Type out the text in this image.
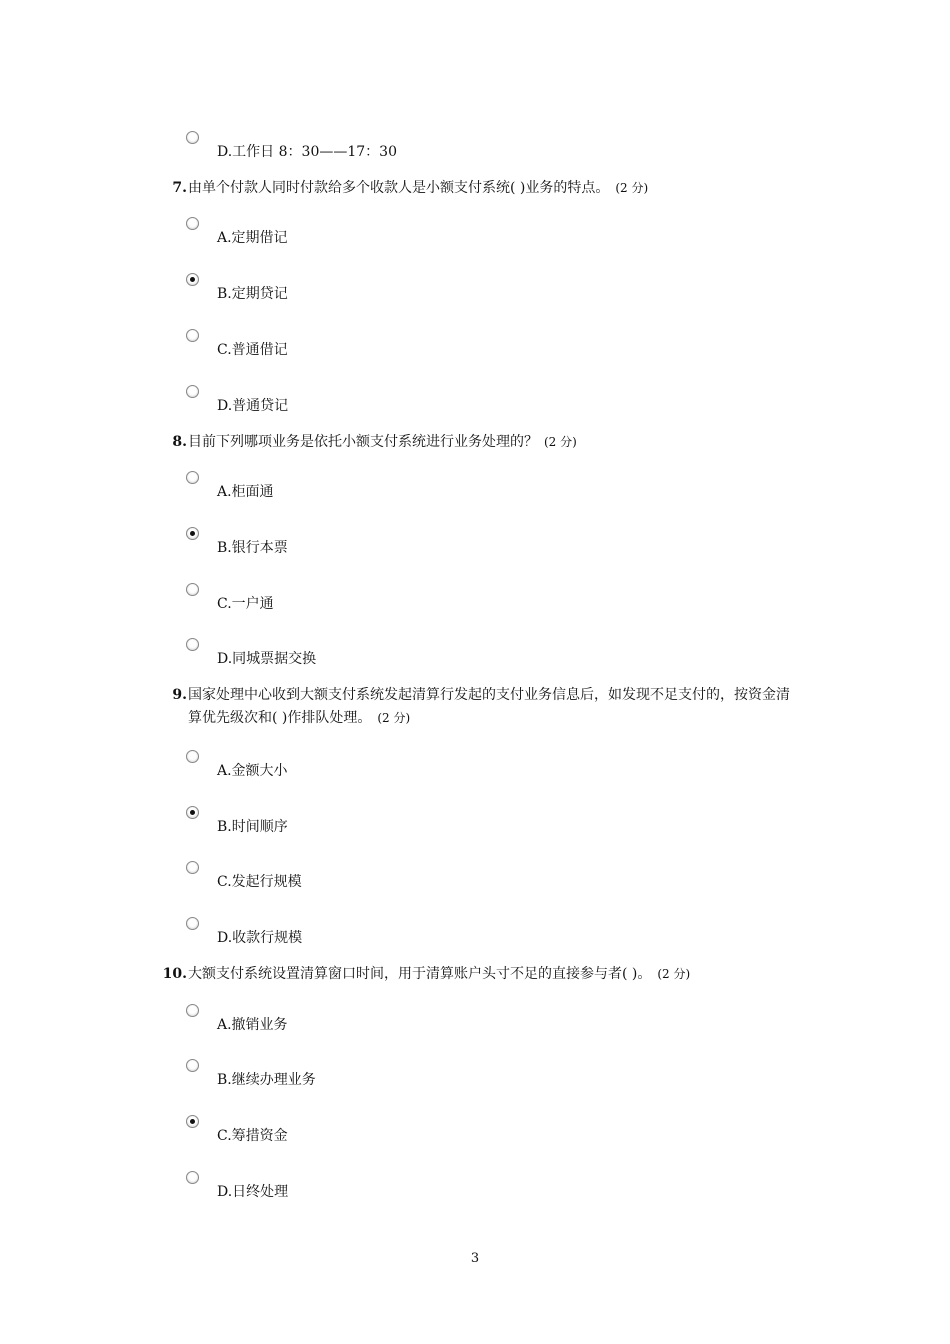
D.工作日 8：30——17：30
7.由单个付款人同时付款给多个收款人是小额支付系统( )业务的特点。 (2 分)
A.定期借记
B.定期贷记
C.普通借记
D.普通贷记
8.目前下列哪项业务是依托小额支付系统进行业务处理的？ (2 分)
A.柜面通
B.银行本票
C.一户通
D.同城票据交换
9.国家处理中心收到大额支付系统发起清算行发起的支付业务信息后，如发现不足支付的，按资金清算优先级次和( )作排队处理。 (2 分)
A.金额大小
B.时间顺序
C.发起行规模
D.收款行规模
10.大额支付系统设置清算窗口时间，用于清算账户头寸不足的直接参与者( )。 (2 分)
A.撤销业务
B.继续办理业务
C.筹措资金
D.日终处理
3
